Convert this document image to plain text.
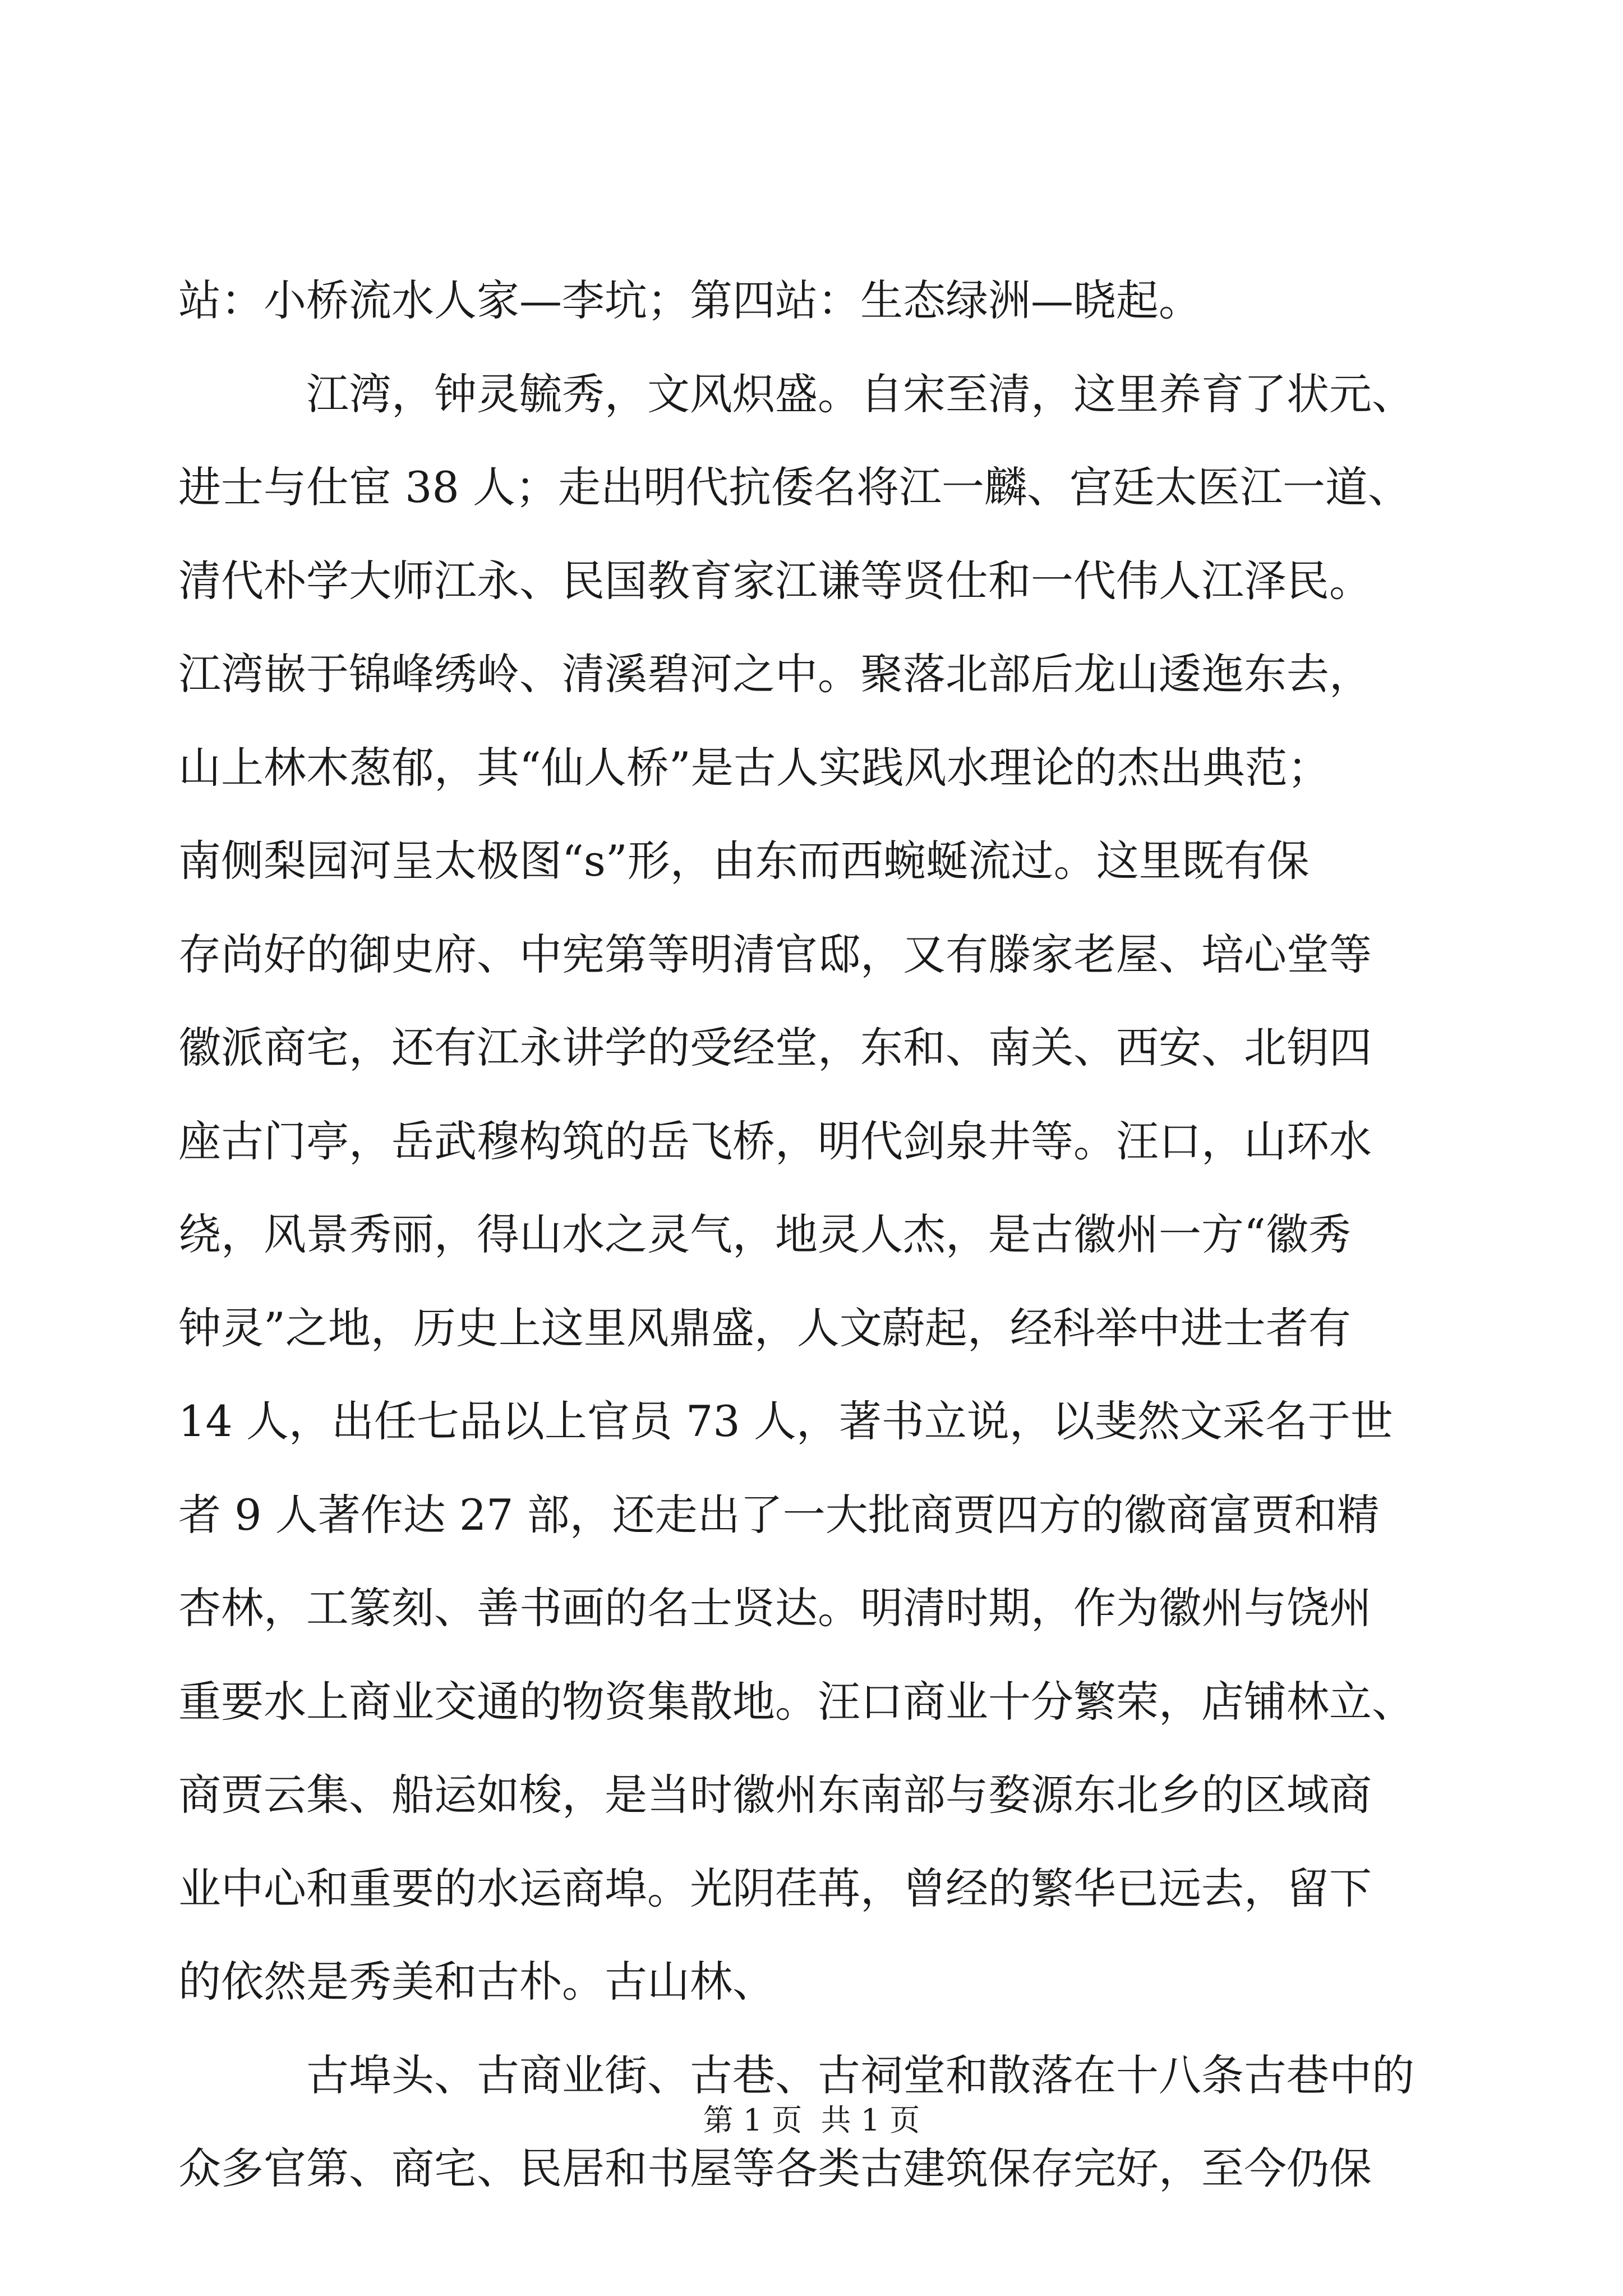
站：小桥流水人家—李坑；第四站：生态绿洲—晓起。
江湾，钟灵毓秀，文风炽盛。自宋至清，这里养育了状元、
进士与仕宦 38 人；走出明代抗倭名将江一麟、宫廷太医江一道、
清代朴学大师江永、民国教育家江谦等贤仕和一代伟人江泽民。
江湾嵌于锦峰绣岭、清溪碧河之中。聚落北部后龙山逶迤东去，
山上林木葱郁，其“仙人桥”是古人实践风水理论的杰出典范；
南侧梨园河呈太极图“s”形，由东而西蜿蜒流过。这里既有保
存尚好的御史府、中宪第等明清官邸，又有滕家老屋、培心堂等
徽派商宅，还有江永讲学的受经堂，东和、南关、西安、北钥四
座古门亭，岳武穆构筑的岳飞桥，明代剑泉井等。汪口，山环水
绕，风景秀丽，得山水之灵气，地灵人杰，是古徽州一方“徽秀
钟灵”之地，历史上这里风鼎盛，人文蔚起，经科举中进士者有
14 人，出任七品以上官员 73 人，著书立说，以斐然文采名于世
者 9 人著作达 27 部，还走出了一大批商贾四方的徽商富贾和精
杏林，工篆刻、善书画的名士贤达。明清时期，作为徽州与饶州
重要水上商业交通的物资集散地。汪口商业十分繁荣，店铺林立、
商贾云集、船运如梭，是当时徽州东南部与婺源东北乡的区域商
业中心和重要的水运商埠。光阴荏苒，曾经的繁华已远去，留下
的依然是秀美和古朴。古山林、
古埠头、古商业街、古巷、古祠堂和散落在十八条古巷中的
众多官第、商宅、民居和书屋等各类古建筑保存完好，至今仍保
第 1 页 共 1 页
